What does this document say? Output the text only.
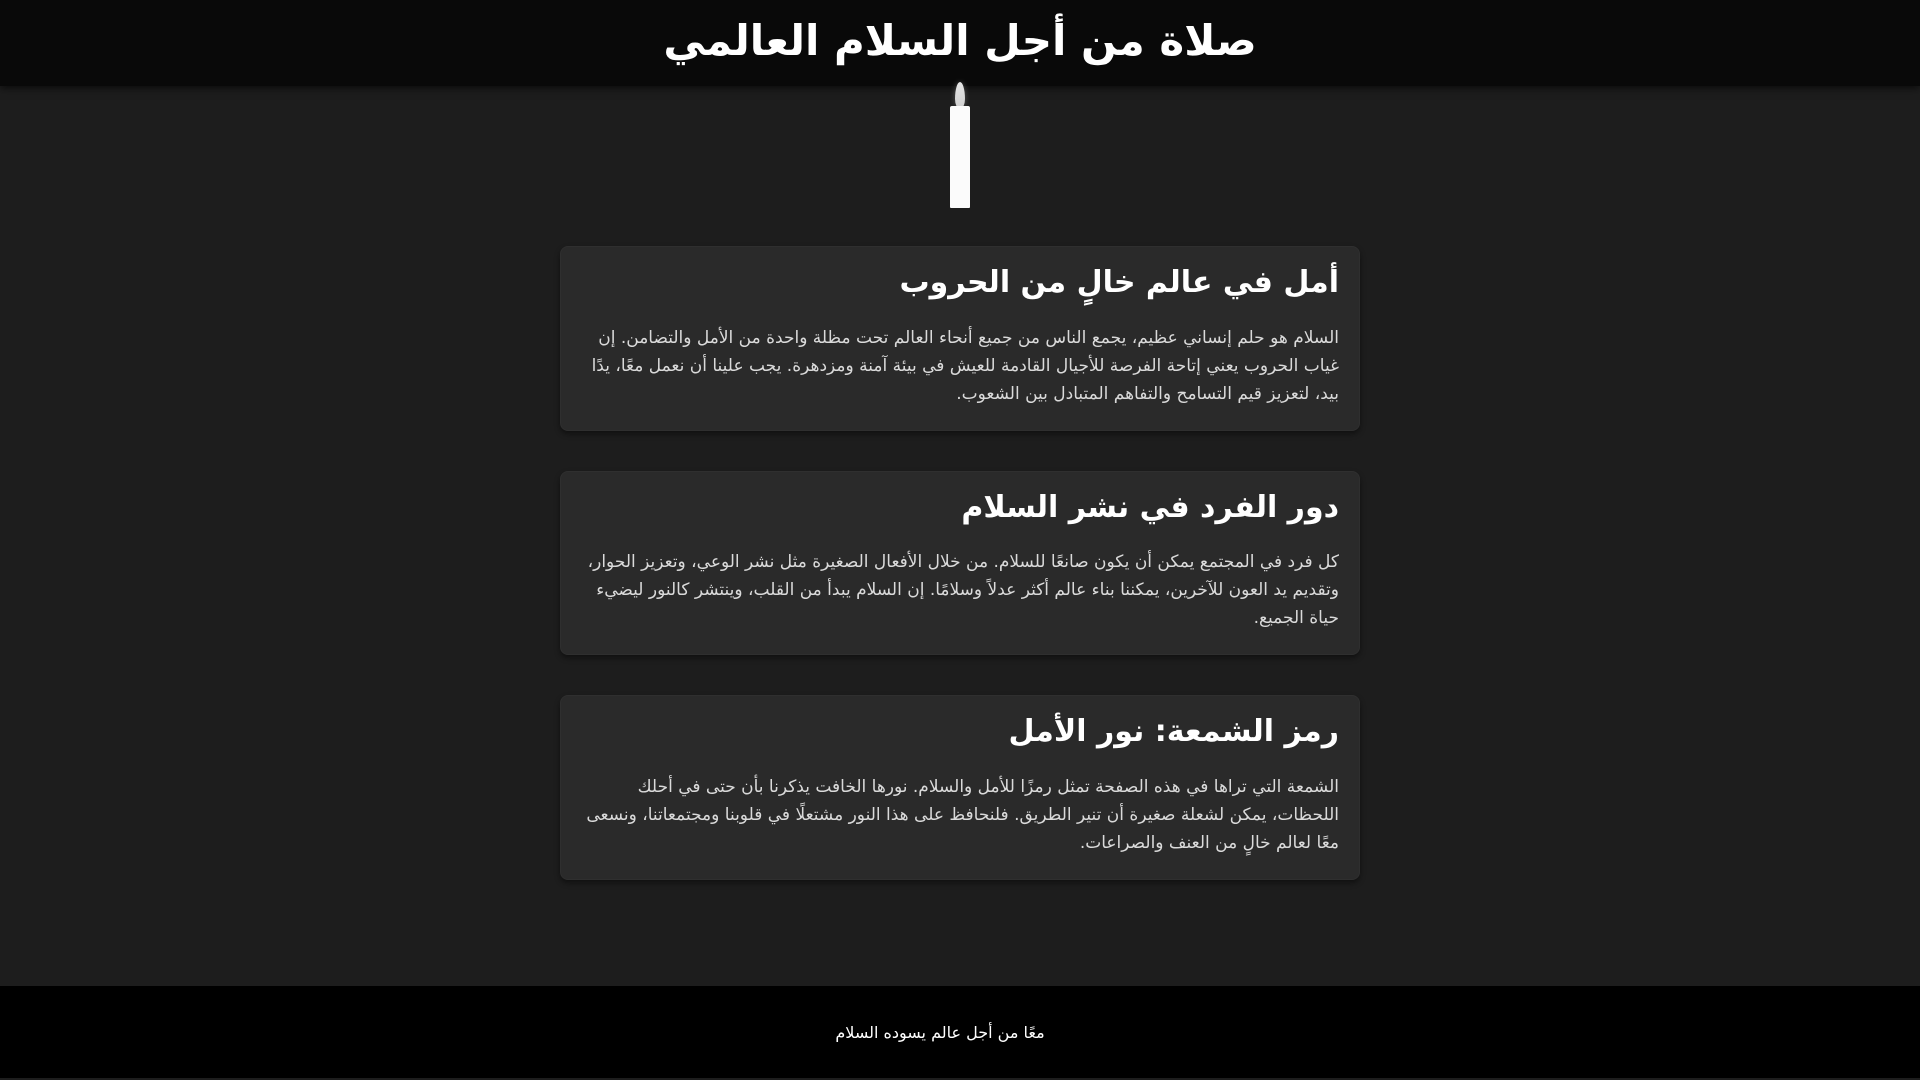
صلاة من أجل السلام العالمي
أمل في عالم خالٍ من الحروب

السلام هو حلم إنساني عظيم، يجمع الناس من جميع أنحاء العالم تحت مظلة واحدة من الأمل والتضامن. إن غياب الحروب يعني إتاحة الفرصة للأجيال القادمة للعيش في بيئة آمنة ومزدهرة. يجب علينا أن نعمل معًا، يدًا بيد، لتعزيز قيم التسامح والتفاهم المتبادل بين الشعوب.

دور الفرد في نشر السلام

كل فرد في المجتمع يمكن أن يكون صانعًا للسلام. من خلال الأفعال الصغيرة مثل نشر الوعي، وتعزيز الحوار، وتقديم يد العون للآخرين، يمكننا بناء عالم أكثر عدلاً وسلامًا. إن السلام يبدأ من القلب، وينتشر كالنور ليضيء حياة الجميع.

رمز الشمعة: نور الأمل

الشمعة التي تراها في هذه الصفحة تمثل رمزًا للأمل والسلام. نورها الخافت يذكرنا بأن حتى في أحلك اللحظات، يمكن لشعلة صغيرة أن تنير الطريق. فلنحافظ على هذا النور مشتعلًا في قلوبنا ومجتمعاتنا، ونسعى معًا لعالم خالٍ من العنف والصراعات.

معًا من أجل عالم يسوده السلام
